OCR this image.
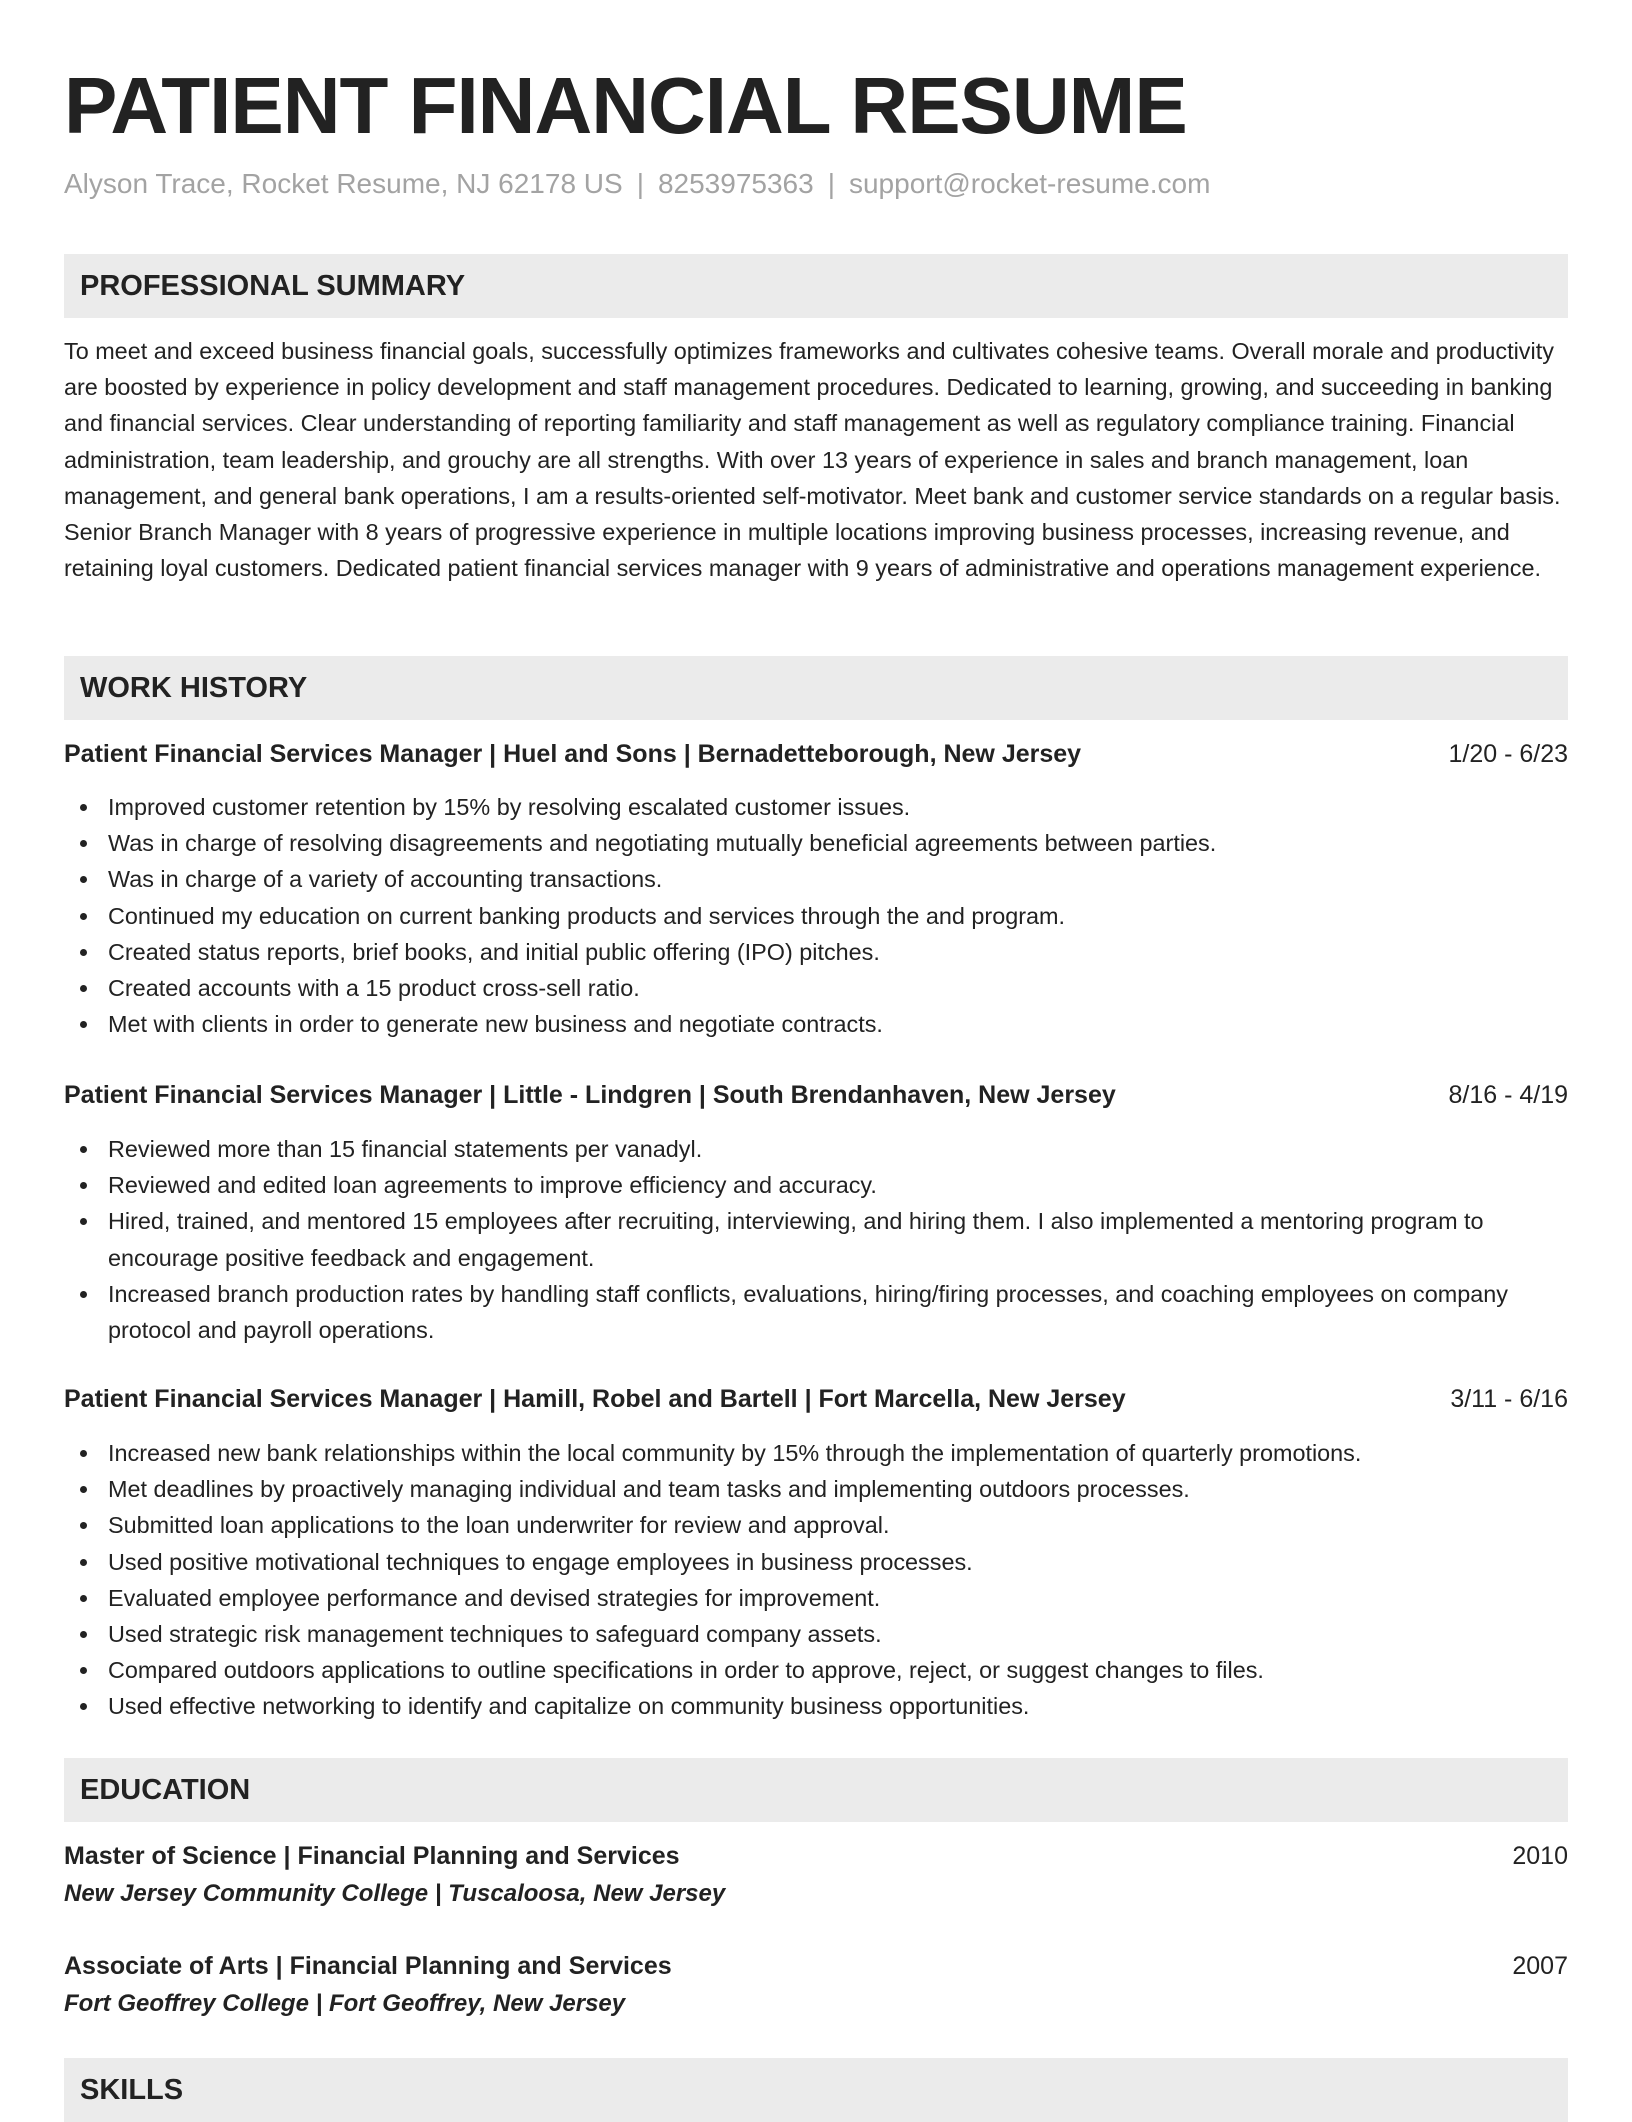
PATIENT FINANCIAL RESUME
Alyson Trace, Rocket Resume, NJ 62178 US | 8253975363 | support@rocket-resume.com
PROFESSIONAL SUMMARY

To meet and exceed business financial goals, successfully optimizes frameworks and cultivates cohesive teams. Overall morale and productivity are boosted by experience in policy development and staff management procedures. Dedicated to learning, growing, and succeeding in banking and financial services. Clear understanding of reporting familiarity and staff management as well as regulatory compliance training. Financial administration, team leadership, and grouchy are all strengths. With over 13 years of experience in sales and branch management, loan management, and general bank operations, I am a results-oriented self-motivator. Meet bank and customer service standards on a regular basis. Senior Branch Manager with 8 years of progressive experience in multiple locations improving business processes, increasing revenue, and retaining loyal customers. Dedicated patient financial services manager with 9 years of administrative and operations management experience.

WORK HISTORY
Patient Financial Services Manager | Huel and Sons | Bernadetteborough, New Jersey	1/20 - 6/23
Improved customer retention by 15% by resolving escalated customer issues.
Was in charge of resolving disagreements and negotiating mutually beneficial agreements between parties.
Was in charge of a variety of accounting transactions.
Continued my education on current banking products and services through the and program.
Created status reports, brief books, and initial public offering (IPO) pitches.
Created accounts with a 15 product cross-sell ratio.
Met with clients in order to generate new business and negotiate contracts.
Patient Financial Services Manager | Little - Lindgren | South Brendanhaven, New Jersey	8/16 - 4/19
Reviewed more than 15 financial statements per vanadyl.
Reviewed and edited loan agreements to improve efficiency and accuracy.
Hired, trained, and mentored 15 employees after recruiting, interviewing, and hiring them. I also implemented a mentoring program to encourage positive feedback and engagement.
Increased branch production rates by handling staff conflicts, evaluations, hiring/firing processes, and coaching employees on company protocol and payroll operations.
Patient Financial Services Manager | Hamill, Robel and Bartell | Fort Marcella, New Jersey	3/11 - 6/16
Increased new bank relationships within the local community by 15% through the implementation of quarterly promotions.
Met deadlines by proactively managing individual and team tasks and implementing outdoors processes.
Submitted loan applications to the loan underwriter for review and approval.
Used positive motivational techniques to engage employees in business processes.
Evaluated employee performance and devised strategies for improvement.
Used strategic risk management techniques to safeguard company assets.
Compared outdoors applications to outline specifications in order to approve, reject, or suggest changes to files.
Used effective networking to identify and capitalize on community business opportunities.
EDUCATION
Master of Science | Financial Planning and Services	2010
New Jersey Community College | Tuscaloosa, New Jersey
Associate of Arts | Financial Planning and Services	2007
Fort Geoffrey College | Fort Geoffrey, New Jersey
SKILLS
